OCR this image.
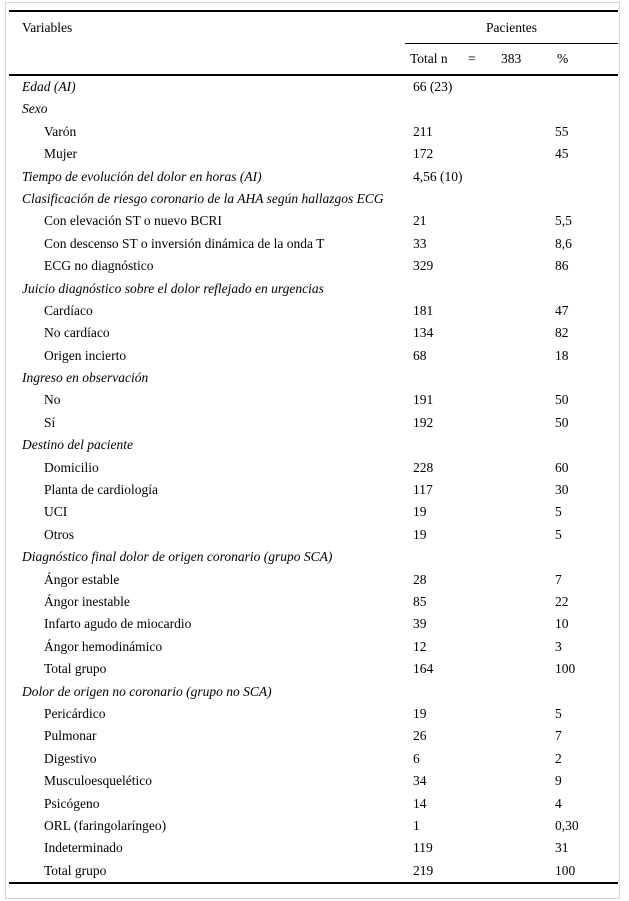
Variables	Pacientes
Total n = 383	%
Edad (AI)	66 (23)
Sexo
Varón	211	55
Mujer	172	45
Tiempo de evolución del dolor en horas (AI)	4,56 (10)
Clasificación de riesgo coronario de la AHA según hallazgos ECG
Con elevación ST o nuevo BCRI	21	5,5
Con descenso ST o inversión dinámica de la onda T	33	8,6
ECG no diagnóstico	329	86
Juicio diagnóstico sobre el dolor reflejado en urgencias
Cardíaco	181	47
No cardíaco	134	82
Origen incierto	68	18
Ingreso en observación
No	191	50
Sí	192	50
Destino del paciente
Domicilio	228	60
Planta de cardiología	117	30
UCI	19	5
Otros	19	5
Diagnóstico final dolor de origen coronario (grupo SCA)
Ángor estable	28	7
Ángor inestable	85	22
Infarto agudo de miocardio	39	10
Ángor hemodinámico	12	3
Total grupo	164	100
Dolor de origen no coronario (grupo no SCA)
Pericárdico	19	5
Pulmonar	26	7
Digestivo	6	2
Musculoesquelético	34	9
Psicógeno	14	4
ORL (faringolaríngeo)	1	0,30
Indeterminado	119	31
Total grupo	219	100
